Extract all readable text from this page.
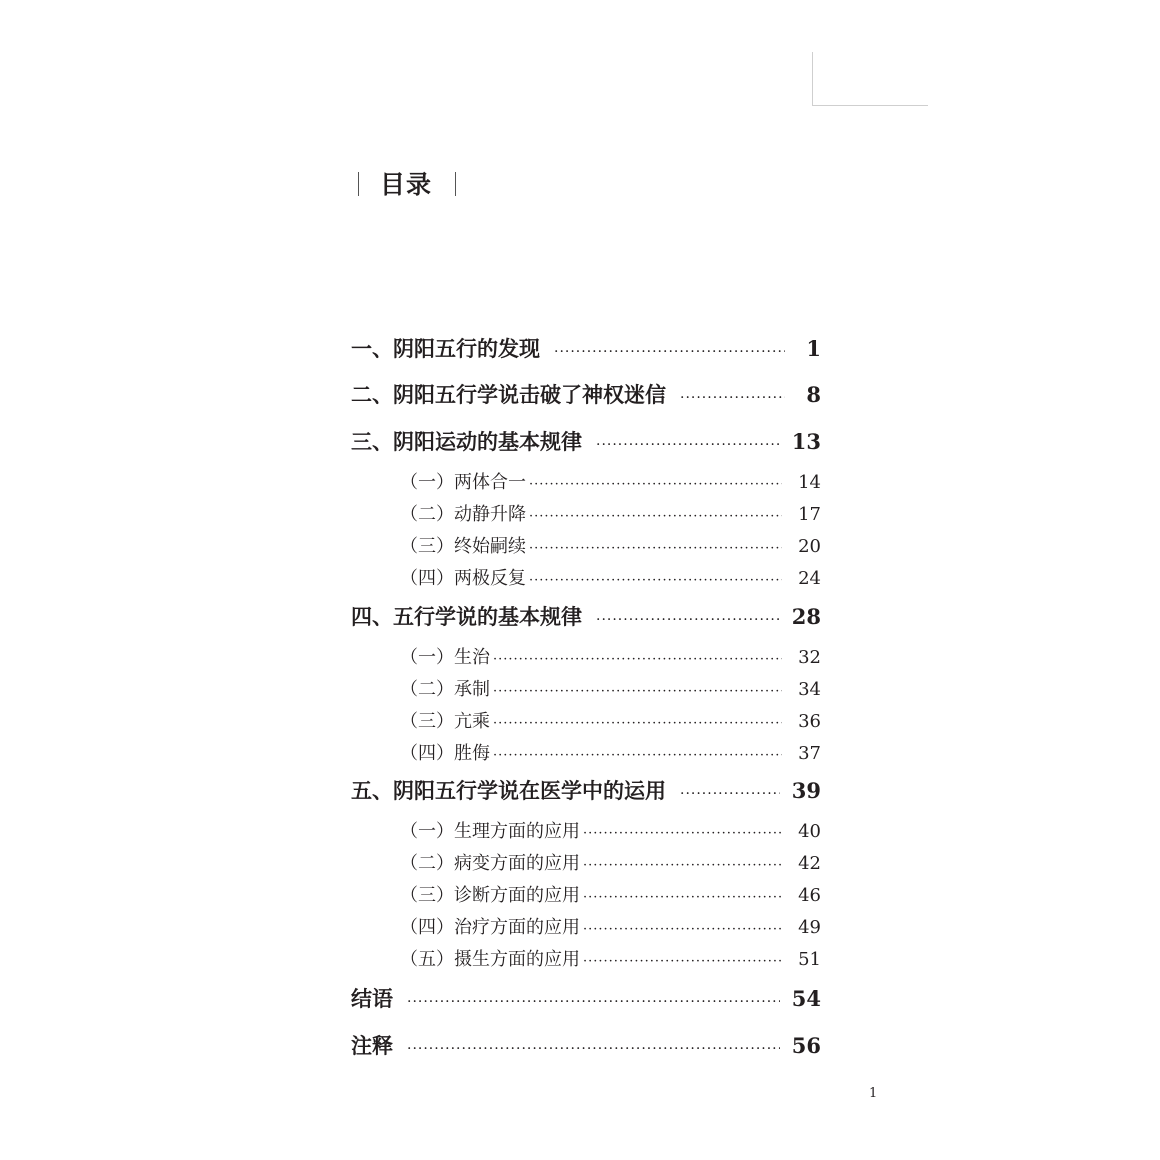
目录
一、阴阳五行的发现 ·····	1
二、阴阳五行学说击破了神权迷信 ·····	8
三、阴阳运动的基本规律 ·····	13
（一）两体合一 ·····	14
（二）动静升降 ·····	17
（三）终始嗣续 ·····	20
（四）两极反复 ·····	24
四、五行学说的基本规律 ·····	28
（一）生治 ·····	32
（二）承制 ·····	34
（三）亢乘 ·····	36
（四）胜侮 ·····	37
五、阴阳五行学说在医学中的运用 ·····	39
（一）生理方面的应用 ·····	40
（二）病变方面的应用 ·····	42
（三）诊断方面的应用 ·····	46
（四）治疗方面的应用 ·····	49
（五）摄生方面的应用 ·····	51
结语 ·····	54
注释 ·····	56
1
